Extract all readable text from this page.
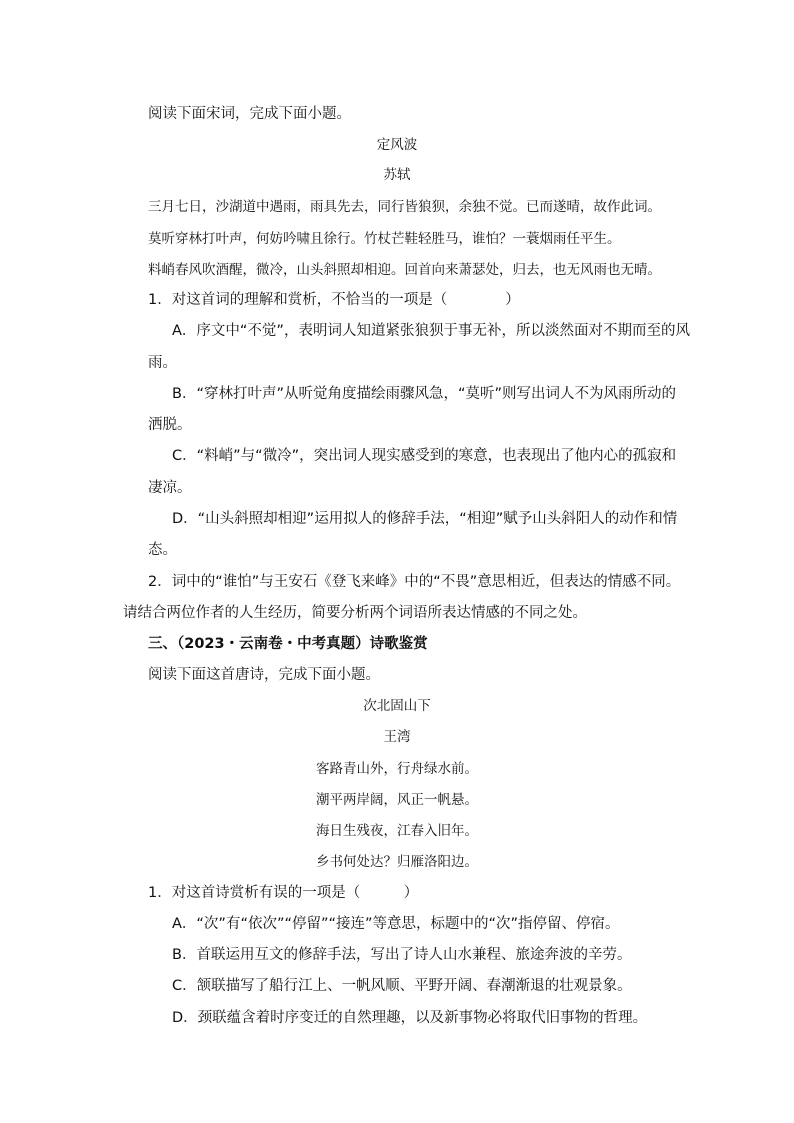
阅读下面宋词，完成下面小题。
定风波
苏轼
三月七日，沙湖道中遇雨，雨具先去，同行皆狼狈，余独不觉。已而遂晴，故作此词。
莫听穿林打叶声，何妨吟啸且徐行。竹杖芒鞋轻胜马，谁怕？一蓑烟雨任平生。
料峭春风吹酒醒，微冷，山头斜照却相迎。回首向来萧瑟处，归去，也无风雨也无晴。
1．对这首词的理解和赏析，不恰当的一项是（　　　　）
A．序文中“不觉”，表明词人知道紧张狼狈于事无补，所以淡然面对不期而至的风
雨。
B．“穿林打叶声”从听觉角度描绘雨骤风急，“莫听”则写出词人不为风雨所动的
洒脱。
C．“料峭”与“微冷”，突出词人现实感受到的寒意，也表现出了他内心的孤寂和
凄凉。
D．“山头斜照却相迎”运用拟人的修辞手法，“相迎”赋予山头斜阳人的动作和情
态。
2．词中的“谁怕”与王安石《登飞来峰》中的“不畏”意思相近，但表达的情感不同。
请结合两位作者的人生经历，简要分析两个词语所表达情感的不同之处。
三、（2023・云南卷・中考真题）诗歌鉴赏
阅读下面这首唐诗，完成下面小题。
次北固山下
王湾
客路青山外，行舟绿水前。
潮平两岸阔，风正一帆悬。
海日生残夜，江春入旧年。
乡书何处达？归雁洛阳边。
1．对这首诗赏析有误的一项是（　　　）
A．“次”有“依次”“停留”“接连”等意思，标题中的“次”指停留、停宿。
B．首联运用互文的修辞手法，写出了诗人山水兼程、旅途奔波的辛劳。
C．颔联描写了船行江上、一帆风顺、平野开阔、春潮渐退的壮观景象。
D．颈联蕴含着时序变迁的自然理趣，以及新事物必将取代旧事物的哲理。
